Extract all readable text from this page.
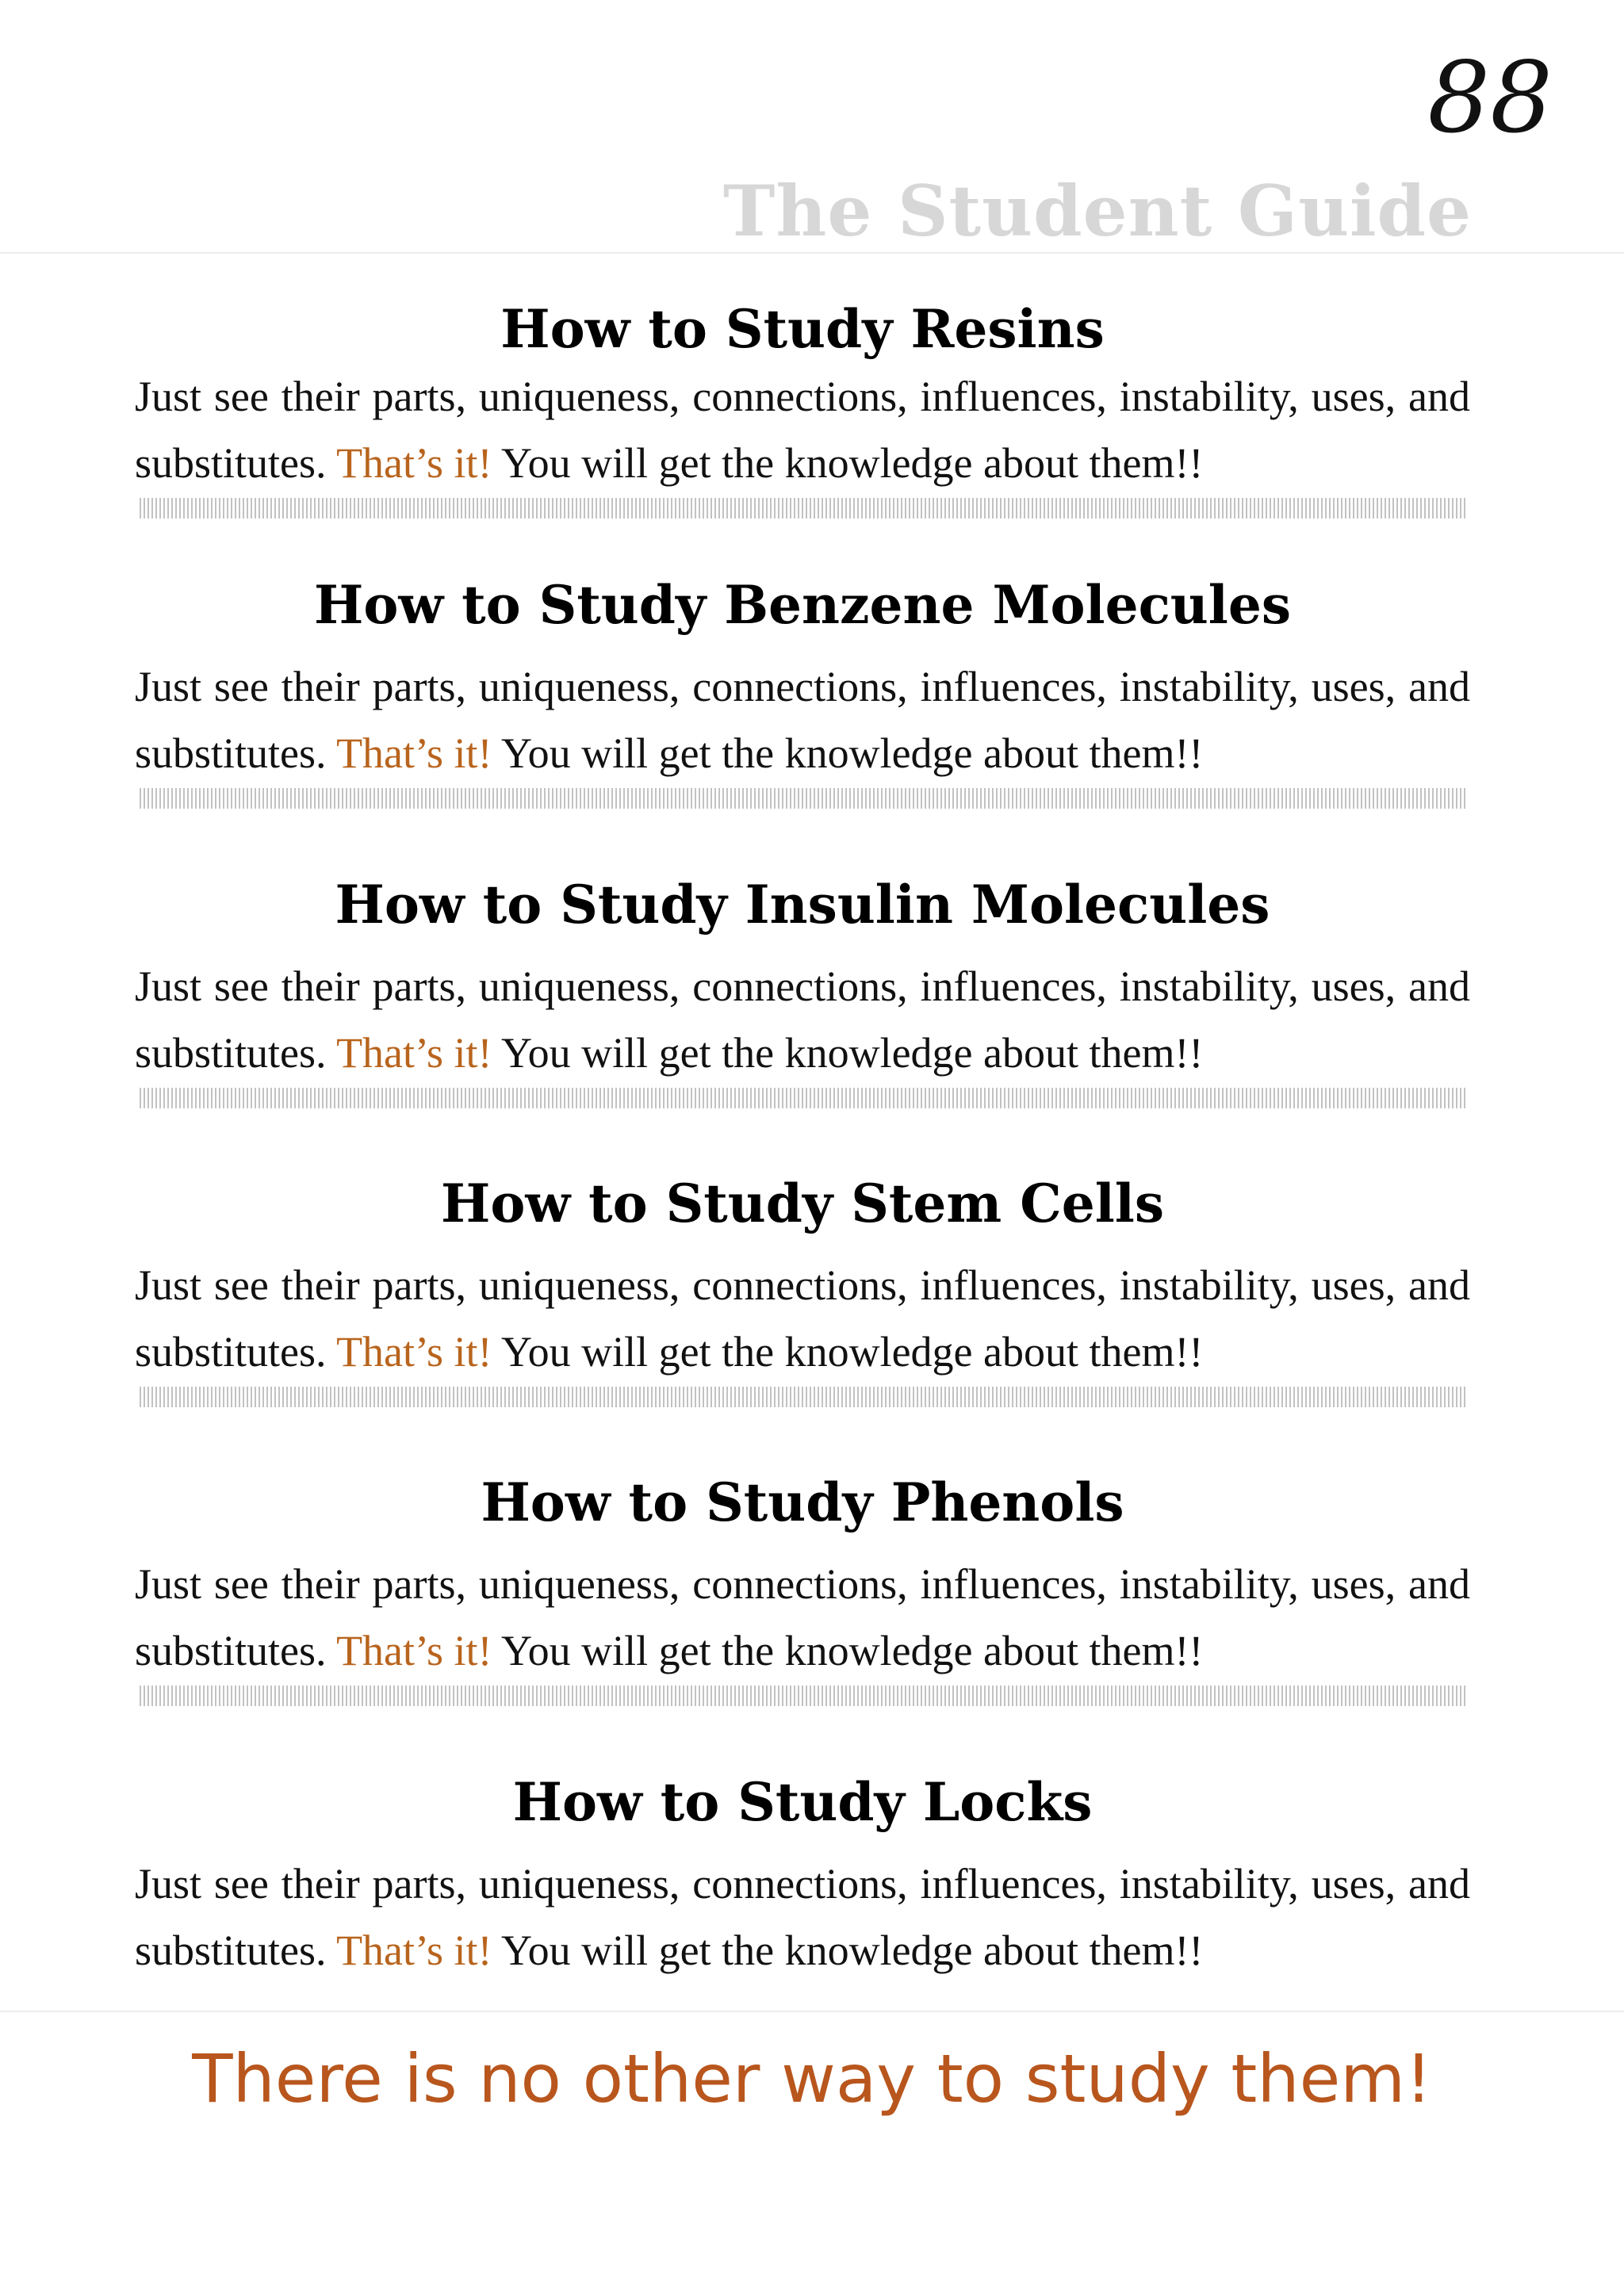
88
The Student Guide
How to Study Resins

Just see their parts, uniqueness, connections, influences, instability, uses, and substitutes. That’s it! You will get the knowledge about them!!

How to Study Benzene Molecules

Just see their parts, uniqueness, connections, influences, instability, uses, and substitutes. That’s it! You will get the knowledge about them!!

How to Study Insulin Molecules

Just see their parts, uniqueness, connections, influences, instability, uses, and substitutes. That’s it! You will get the knowledge about them!!

How to Study Stem Cells

Just see their parts, uniqueness, connections, influences, instability, uses, and substitutes. That’s it! You will get the knowledge about them!!

How to Study Phenols

Just see their parts, uniqueness, connections, influences, instability, uses, and substitutes. That’s it! You will get the knowledge about them!!

How to Study Locks

Just see their parts, uniqueness, connections, influences, instability, uses, and substitutes. That’s it! You will get the knowledge about them!!

There is no other way to study them!
